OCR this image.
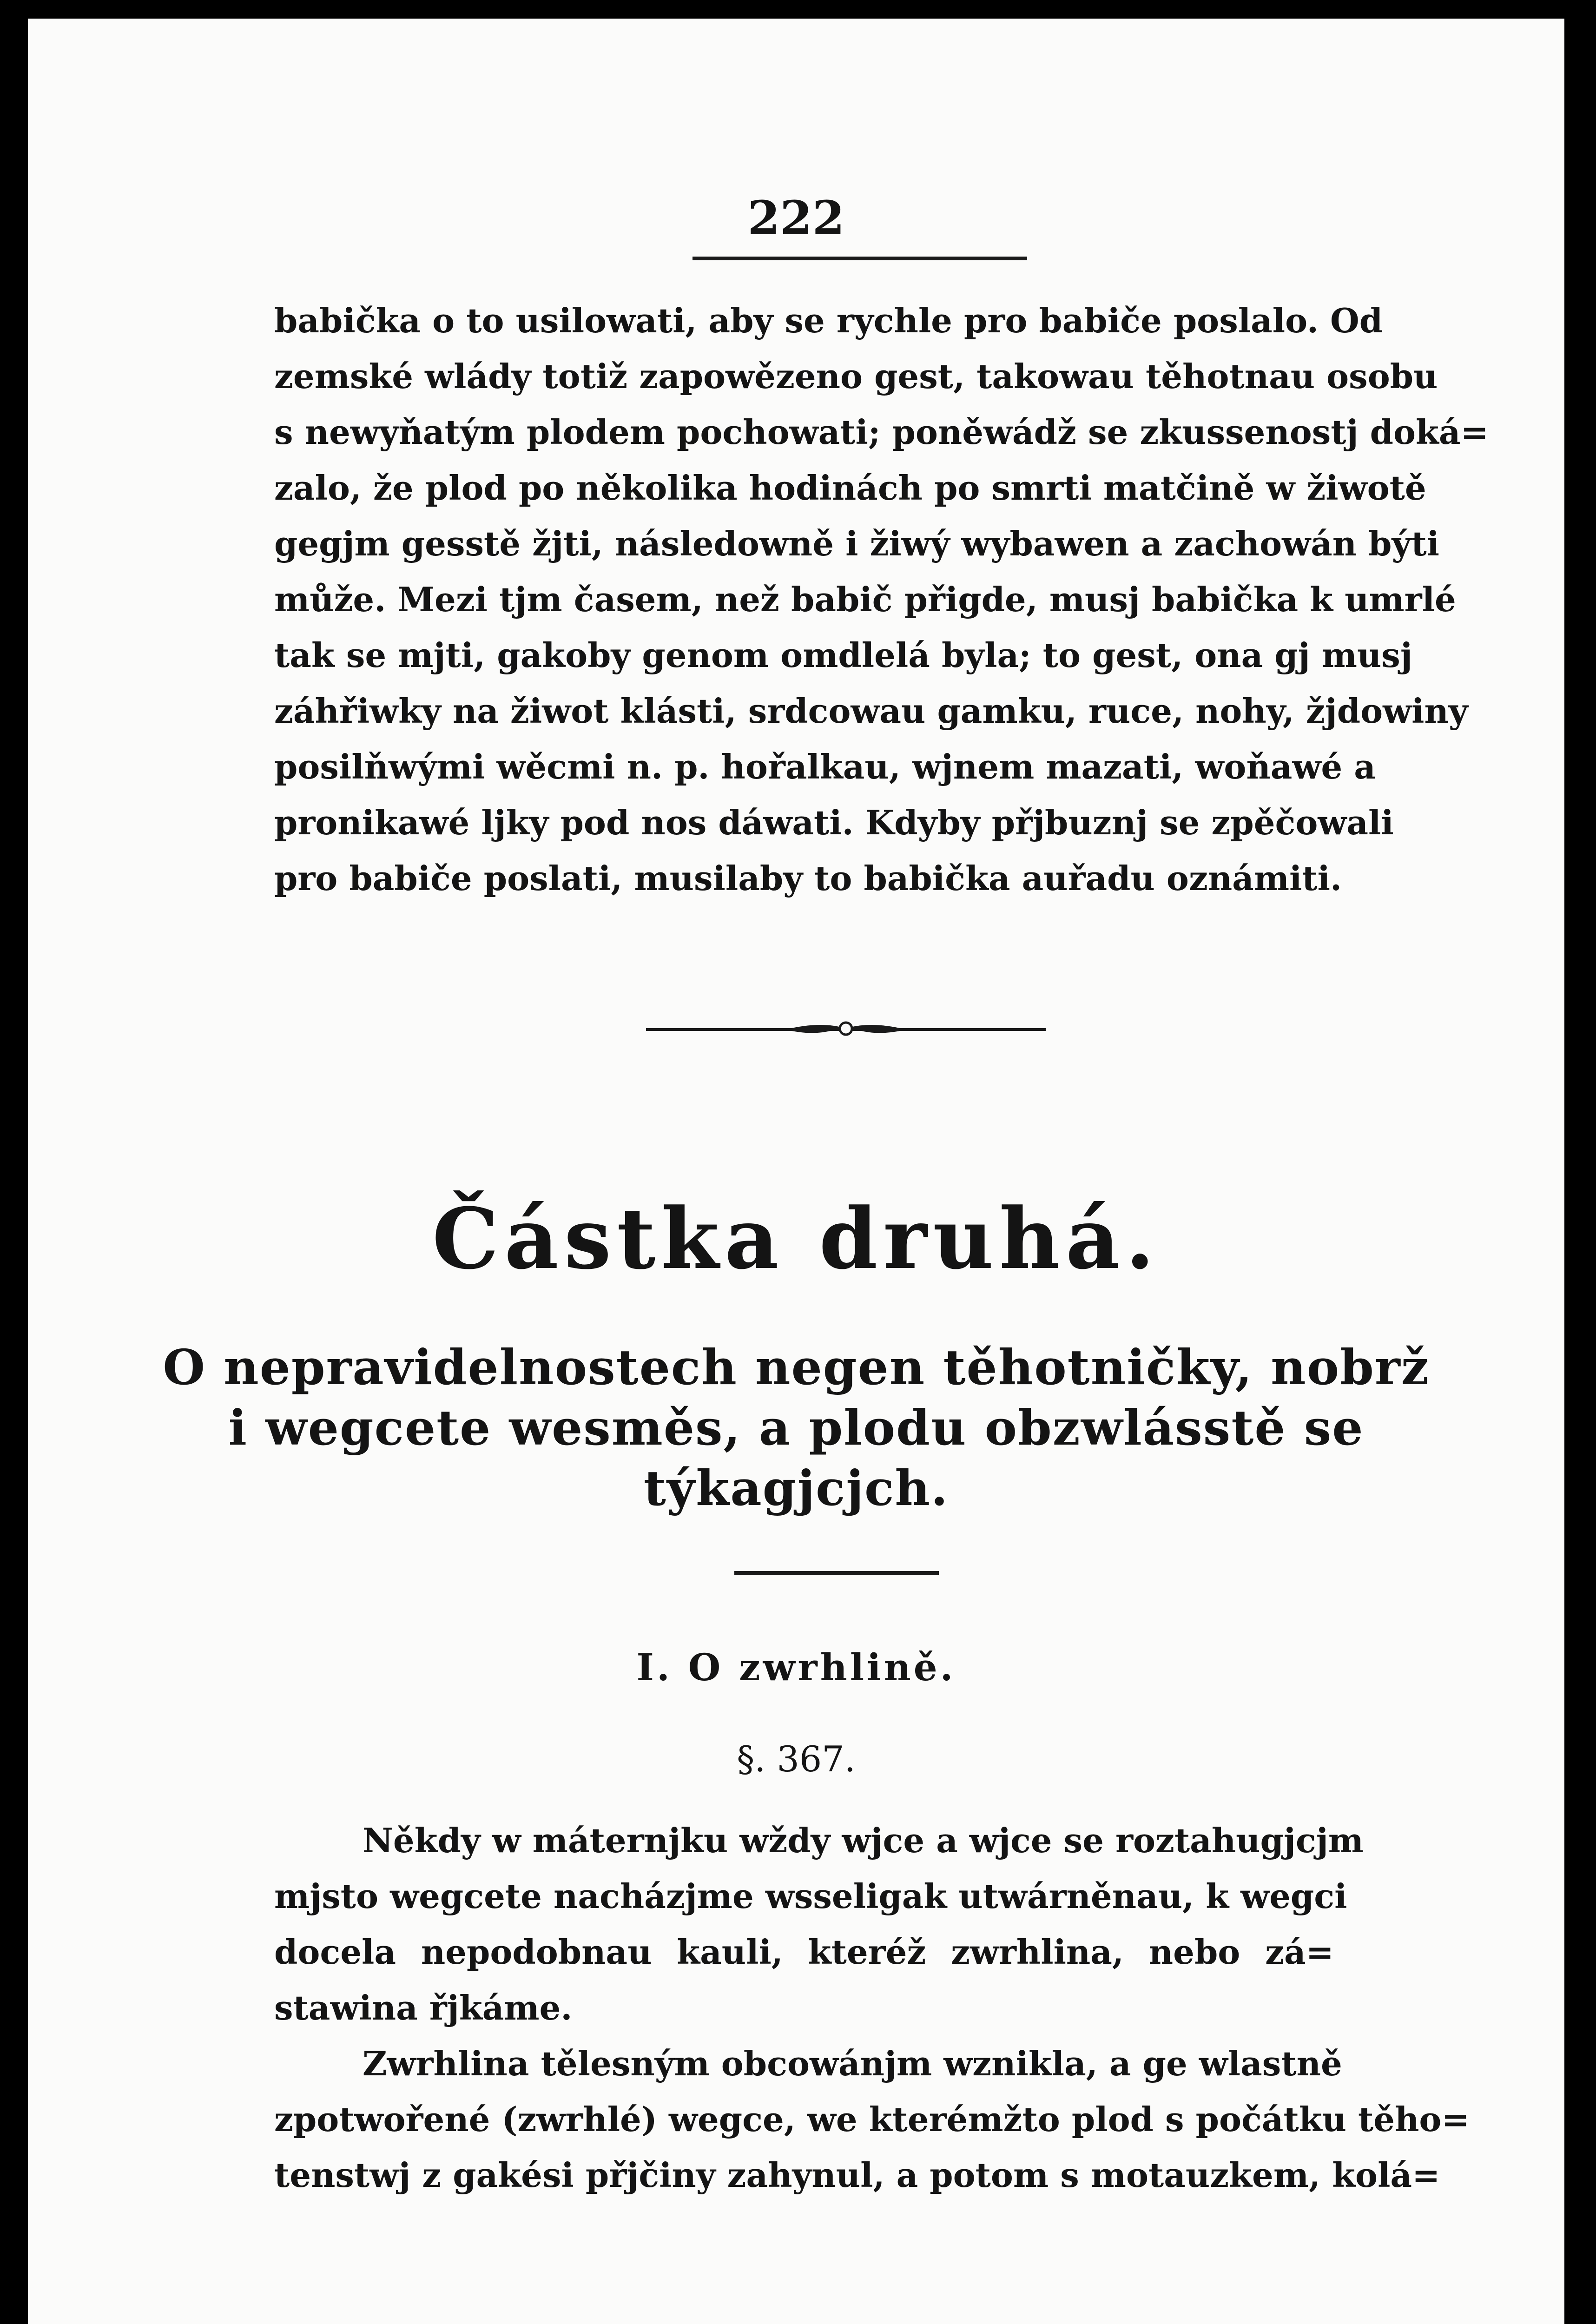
222
babička o to usilowati, aby se rychle pro babiče poslalo. Od
zemské wlády totiž zapowězeno gest, takowau těhotnau osobu
s newyňatým plodem pochowati; poněwádž se zkussenostj doká=
zalo, že plod po několika hodinách po smrti matčině w žiwotě
gegjm gesstě žjti, následowně i žiwý wybawen a zachowán býti
může. Mezi tjm časem, než babič přigde, musj babička k umrlé
tak se mjti, gakoby genom omdlelá byla; to gest, ona gj musj
záhřiwky na žiwot klásti, srdcowau gamku, ruce, nohy, žjdowiny
posilňwými wěcmi n. p. hořalkau, wjnem mazati, woňawé a
pronikawé ljky pod nos dáwati. Kdyby přjbuznj se zpěčowali
pro babiče poslati, musilaby to babička auřadu oznámiti.
Částka druhá.
O nepravidelnostech negen těhotničky, nobrž
i wegcete wesměs, a plodu obzwlásstě se
týkagjcjch.
I. O zwrhlině.
§. 367.
Někdy w máternjku wždy wjce a wjce se roztahugjcjm
mjsto wegcete nacházjme wsseligak utwárněnau, k wegci
docela nepodobnau kauli, kteréž zwrhlina, nebo zá=
stawina řjkáme.
Zwrhlina tělesným obcowánjm wznikla, a ge wlastně
zpotwořené (zwrhlé) wegce, we kterémžto plod s počátku těho=
tenstwj z gakési přjčiny zahynul, a potom s motauzkem, kolá=
